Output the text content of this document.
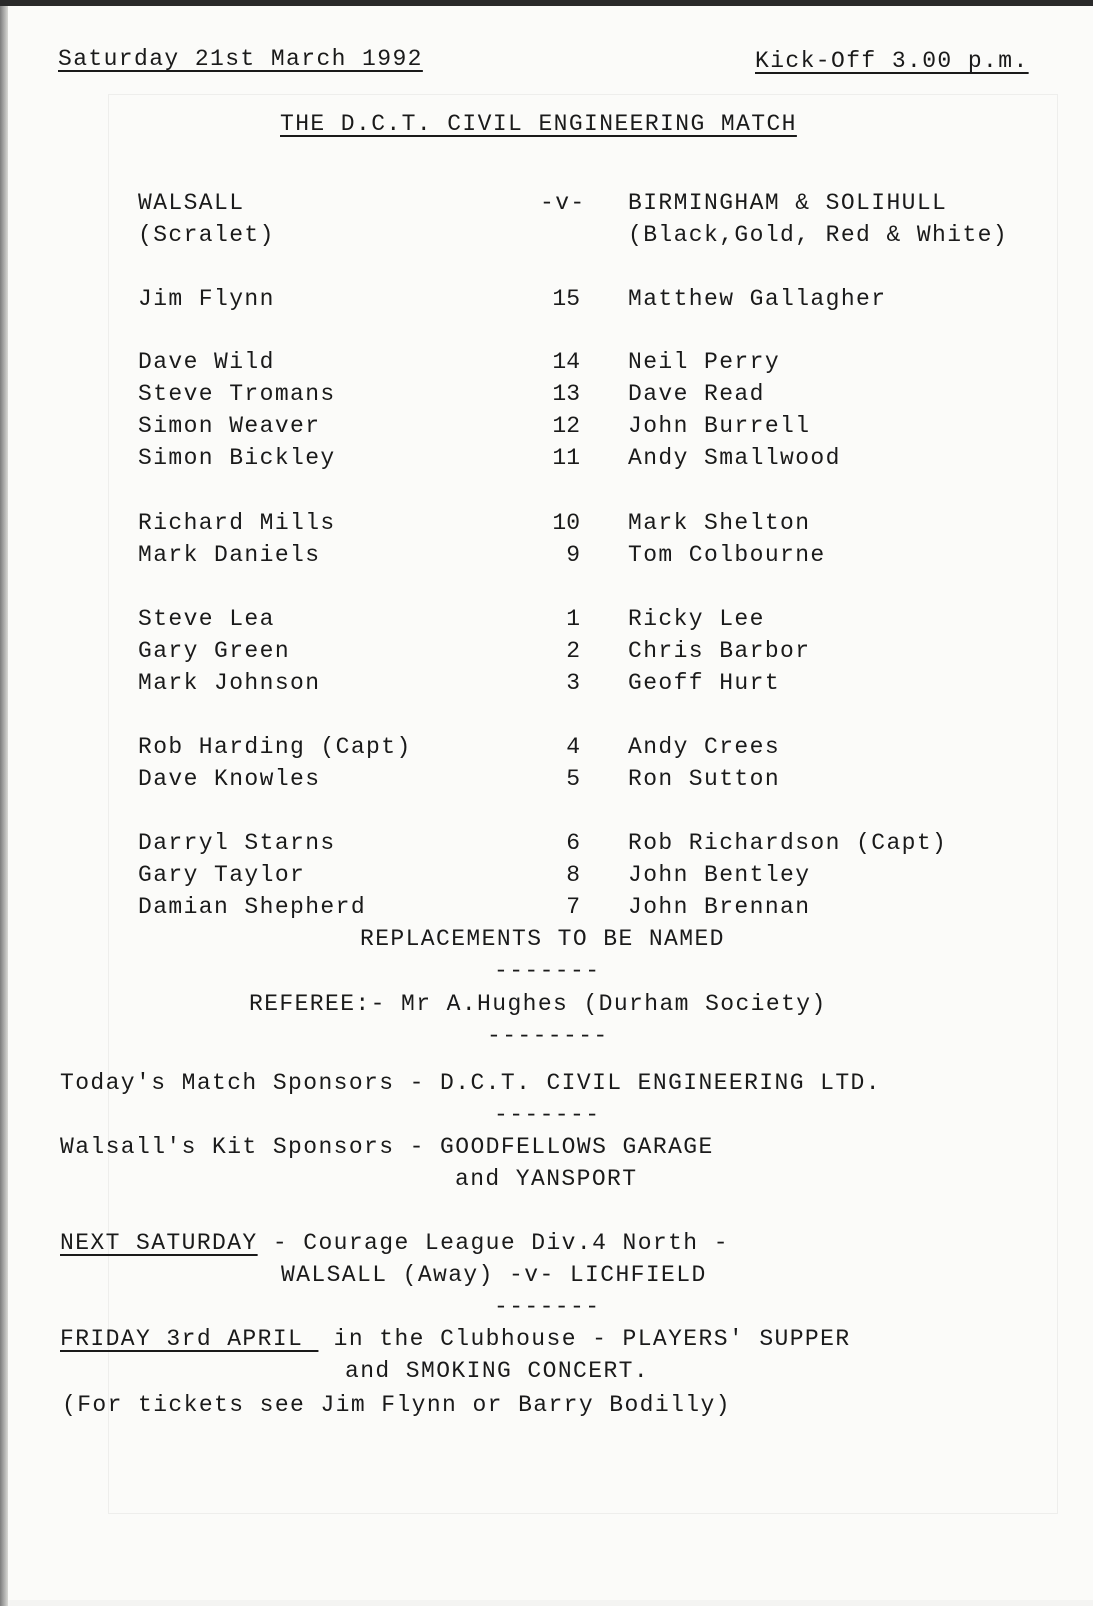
Saturday 21st March 1992	Kick-Off 3.00 p.m.
THE D.C.T. CIVIL ENGINEERING MATCH
WALSALL	-v- BIRMINGHAM & SOLIHULL
(Scralet)	(Black,Gold, Red & White)
Jim Flynn	15 Matthew Gallagher
Dave Wild	14 Neil Perry
Steve Tromans	13 Dave Read
Simon Weaver	12 John Burrell
Simon Bickley	11 Andy Smallwood
Richard Mills	10 Mark Shelton
Mark Daniels	9 Tom Colbourne
Steve Lea	1 Ricky Lee
Gary Green	2 Chris Barbor
Mark Johnson	3 Geoff Hurt
Rob Harding (Capt)	4 Andy Crees
Dave Knowles	5 Ron Sutton
Darryl Starns	6 Rob Richardson (Capt)
Gary Taylor	8 John Bentley
Damian Shepherd	7 John Brennan
REPLACEMENTS TO BE NAMED
-------
REFEREE:- Mr A.Hughes (Durham Society)
--------
Today's Match Sponsors - D.C.T. CIVIL ENGINEERING LTD.
-------
Walsall's Kit Sponsors - GOODFELLOWS GARAGE
and YANSPORT
NEXT SATURDAY - Courage League Div.4 North -
WALSALL (Away) -v- LICHFIELD
-------
FRIDAY 3rd APRIL  in the Clubhouse - PLAYERS' SUPPER
and SMOKING CONCERT.
(For tickets see Jim Flynn or Barry Bodilly)
